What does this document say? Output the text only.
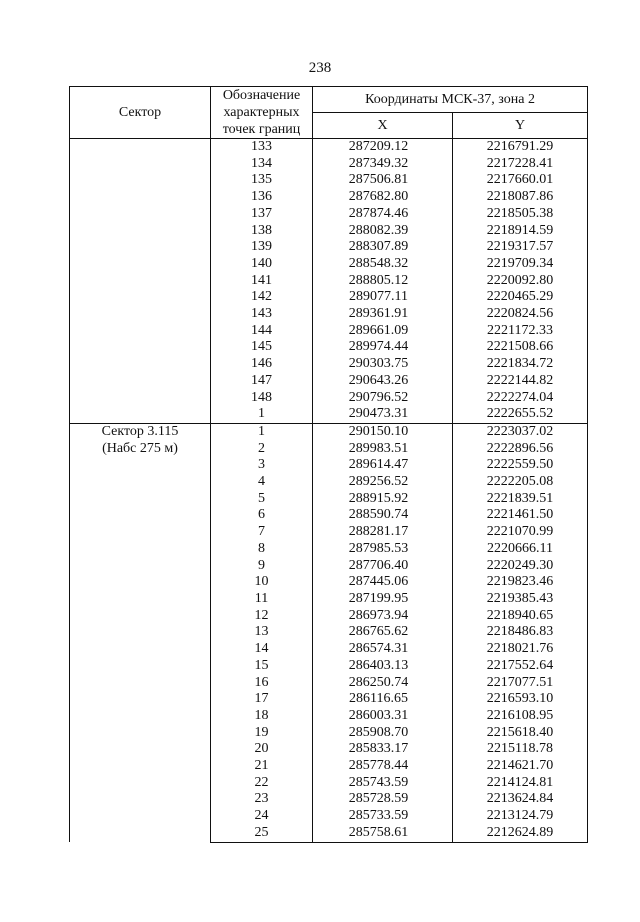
238
Сектор	Обозначение характерных точек границ	Координаты МСК-37, зона 2	
		X	Y
	133	287209.12	2216791.29
	134	287349.32	2217228.41
	135	287506.81	2217660.01
	136	287682.80	2218087.86
	137	287874.46	2218505.38
	138	288082.39	2218914.59
	139	288307.89	2219317.57
	140	288548.32	2219709.34
	141	288805.12	2220092.80
	142	289077.11	2220465.29
	143	289361.91	2220824.56
	144	289661.09	2221172.33
	145	289974.44	2221508.66
	146	290303.75	2221834.72
	147	290643.26	2222144.82
	148	290796.52	2222274.04
	1	290473.31	2222655.52

Сектор 3.115
(Набс 275 м)	1	290150.10	2223037.02
	2	289983.51	2222896.56
	3	289614.47	2222559.50
	4	289256.52	2222205.08
	5	288915.92	2221839.51
	6	288590.74	2221461.50
	7	288281.17	2221070.99
	8	287985.53	2220666.11
	9	287706.40	2220249.30
	10	287445.06	2219823.46
	11	287199.95	2219385.43
	12	286973.94	2218940.65
	13	286765.62	2218486.83
	14	286574.31	2218021.76
	15	286403.13	2217552.64
	16	286250.74	2217077.51
	17	286116.65	2216593.10
	18	286003.31	2216108.95
	19	285908.70	2215618.40
	20	285833.17	2215118.78
	21	285778.44	2214621.70
	22	285743.59	2214124.81
	23	285728.59	2213624.84
	24	285733.59	2213124.79
	25	285758.61	2212624.89
